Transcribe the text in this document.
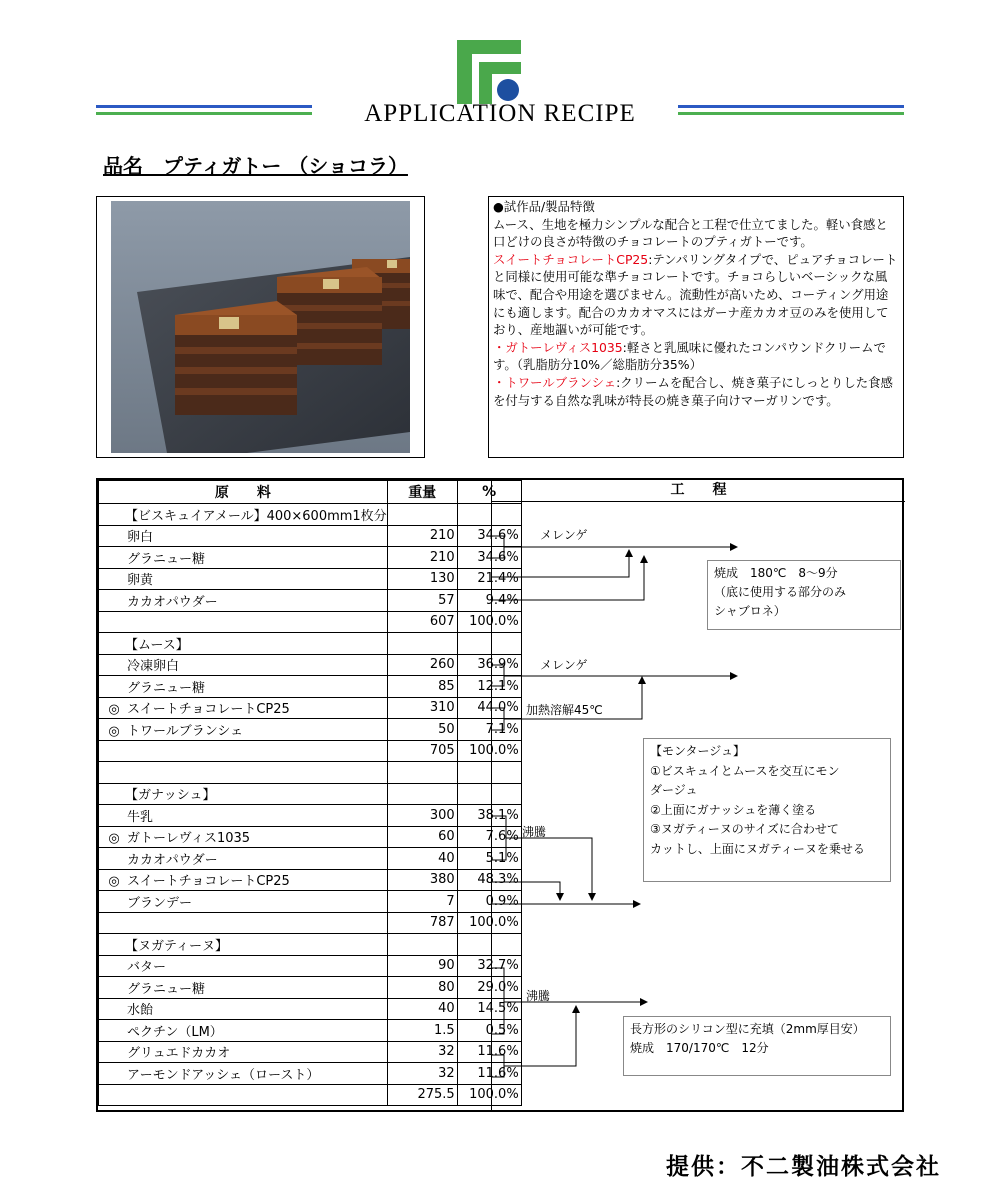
APPLICATION RECIPE
品名　プティガトー （ショコラ）
●試作品/製品特徴
ムース、生地を極力シンプルな配合と工程で仕立てました。軽い食感と口どけの良さが特徴のチョコレートのプティガトーです。
スイートチョコレートCP25:テンパリングタイプで、ピュアチョコレートと同様に使用可能な準チョコレートです。チョコらしいベーシックな風味で、配合や用途を選びません。流動性が高いため、コーティング用途にも適します。配合のカカオマスにはガーナ産カカオ豆のみを使用しており、産地謳いが可能です。
・ガトーレヴィス1035:軽さと乳風味に優れたコンパウンドクリームです。（乳脂肪分10%／総脂肪分35%）
・トワールブランシェ:クリームを配合し、焼き菓子にしっとりした食感を付与する自然な乳味が特長の焼き菓子向けマーガリンです。
原　　料	重量	%
【ビスキュイアメール】400×600mm1枚分		
卵白	210	34.6%
グラニュー糖	210	34.6%
卵黄	130	21.4%
カカオパウダー	57	9.4%
	607	100.0%
【ムース】		
冷凍卵白	260	36.9%
グラニュー糖	85	12.1%
◎ スイートチョコレートCP25	310	44.0%
◎ トワールブランシェ	50	7.1%
	705	100.0%

【ガナッシュ】		
牛乳	300	38.1%
◎ ガトーレヴィス1035	60	7.6%
カカオパウダー	40	5.1%
◎ スイートチョコレートCP25	380	48.3%
ブランデー	7	0.9%
	787	100.0%
【ヌガティーヌ】		
バター	90	32.7%
グラニュー糖	80	29.0%
水飴	40	14.5%
ペクチン（LM）	1.5	0.5%
グリュエドカカオ	32	11.6%
アーモンドアッシェ（ロースト）	32	11.6%
	275.5	100.0%
工　　程
メレンゲ
メレンゲ
加熱溶解45℃
沸騰
沸騰
焼成　180℃　8～9分
（底に使用する部分のみ
シャブロネ）
【モンタージュ】
①ビスキュイとムースを交互にモン
ダージュ
②上面にガナッシュを薄く塗る
③ヌガティーヌのサイズに合わせて
カットし、上面にヌガティーヌを乗せる
長方形のシリコン型に充填（2mm厚目安）
焼成　170/170℃　12分
提供：不二製油株式会社
